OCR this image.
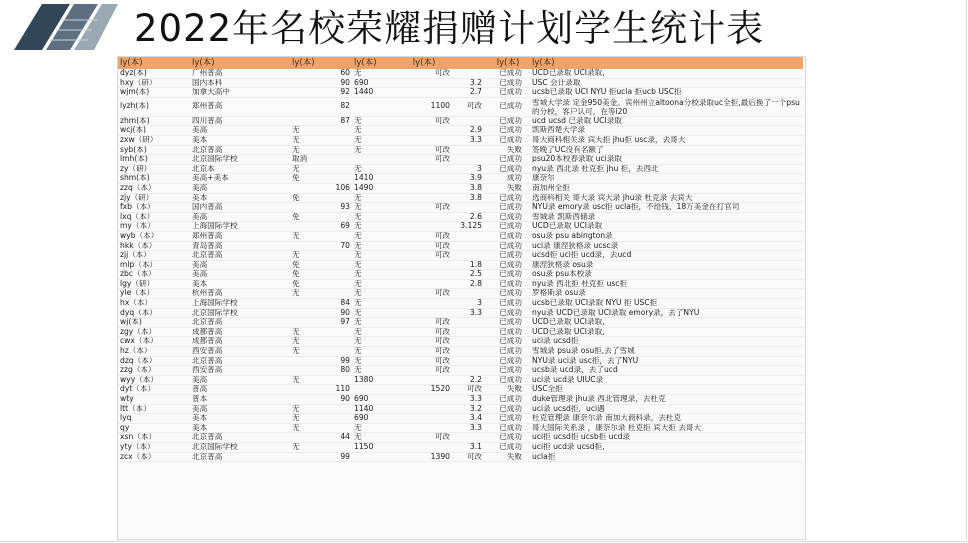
2022年名校荣耀捐赠计划学生统计表
ly(本)	ly(本)	ly(本)		ly(本)	ly(本)		ly(本)	ly(本)
dyz(本)	广州普高		60	无	可改		已成功	UCD已录取 UCI录取,
hxy（研）	国内本科		90	690		3.2	已成功	USC 会计录取
wjm(本)	加拿大高中		92	1440		2.7	已成功	ucsb已录取 UCI NYU 拒ucla 拒ucb USC拒
lyzh(本)	郑州普高		82		1100	可改	已成功	雪城大学录 定金950美金。宾州州立altoona分校录取uc全拒,最后换了一个psu的分校，客户认可，在等i20
zhm(本)	四川普高		87	无	可改		已成功	ucd ucsd 已录取 UCI录取
wcj(本)	美高	无		无		2.9	已成功	凯斯西楚大学录
zxw（研）	美本	无		无		3.3	已成功	哥大商科相关录 宾大拒 jhu拒 usc录，去哥大
syb(本)	北京普高	无		无	可改		失败	签晚了UC没有名额了
lmh(本)	北京国际学校	取消			可改		已成功	psu20本校春录取 uci录取
zy（研）	北京本	无		无		3	已成功	nyu录 西北录 杜克拒 jhu 拒，去西北
shm(本)	美高+美本	免		1410		3.9	成功	康奈尔
zzq（本）	美高		106	1490		3.8	失败	南加州全拒
zjy（研）	美本	免		无		3.8	已成功	选商科相关 哥大录 宾大录 jhu录 杜克录 去宾大
fxb（本）	国内普高		93	无	可改		已成功	NYU录 emory录 usc拒 ucla拒，不给钱，18万美金在打官司
lxq（本）	美高	免		无		2.6	已成功	雪城录 凯斯西储录
my（本）	上海国际学校		69	无		3.125	已成功	UCD已录取 UCI录取
wyb（本）	郑州普高	无		无	可改		已成功	osu录 psu abington录
hkk（本）	青岛普高		70	无	可改		已成功	uci录 康涅狄格录 ucsc录
zjj（本）	北京普高	无		无	可改		已成功	ucsd拒 uci拒 ucd录，去ucd
mlp（本）	美高	免		无		1.8	已成功	康涅狄格录 osu录
zbc（本）	美高	免		无		2.5	已成功	osu录 psu本校录
lgy（研）	美本	免		无		2.8	已成功	nyu录 西北拒 杜克拒 usc拒
yle（本）	杭州普高	无		无	可改		已成功	罗格斯录 osu录
hx（本）	上海国际学校		84	无		3	已成功	ucsb已录取 UCI录取 NYU 拒 USC拒
dyq（本）	北京国际学校		90	无		3.3	已成功	nyu录 UCD已录取 UCI录取 emory录，去了NYU
wj(本)	北京普高		97	无	可改		已成功	UCD已录取 UCI录取,
zgy（本）	成都普高	无		无	可改		已成功	UCD已录取 UCI录取,
cwx（本）	成都普高	无		无	可改		已成功	uci录 ucsd拒
hz（本）	西安普高	无		无	可改		已成功	雪城录 psu录 osu拒,去了雪城
dzq（本）	北京普高		99	无	可改		已成功	NYU录 uci录 usc拒，去了NYU
zzg（本）	西安普高		80	无	可改		已成功	ucsb录 ucd录，去了ucd
wyy（本）	美高	无		1380		2.2	已成功	uci录 ucd录 UIUC录
dyt（本）	普高		110		1520	可改	失败	USC全拒
wty	普本		90	690		3.3	已成功	duke管理录 jhu录 西北管理录，去杜克
ltt（本）	美高	无		1140		3.2	已成功	uci录 ucsd拒，uci遇
lyq	美本	无		690		3.4	已成功	杜克管理录 康奈尔录 南加大商科录，去杜克
qy	美本	无		无		3.3	已成功	哥大国际关系录 ，康奈尔录 杜克拒 宾大拒 去哥大
xsn（本）	北京普高		44	无	可改		已成功	uci拒 ucsd拒 ucsb拒 ucd录
yty（本）	北京国际学校	无		1150		3.1	已成功	uci拒 ucd录 ucsd拒,
zcx（本）	北京普高		99		1390	可改	失败	ucla拒
